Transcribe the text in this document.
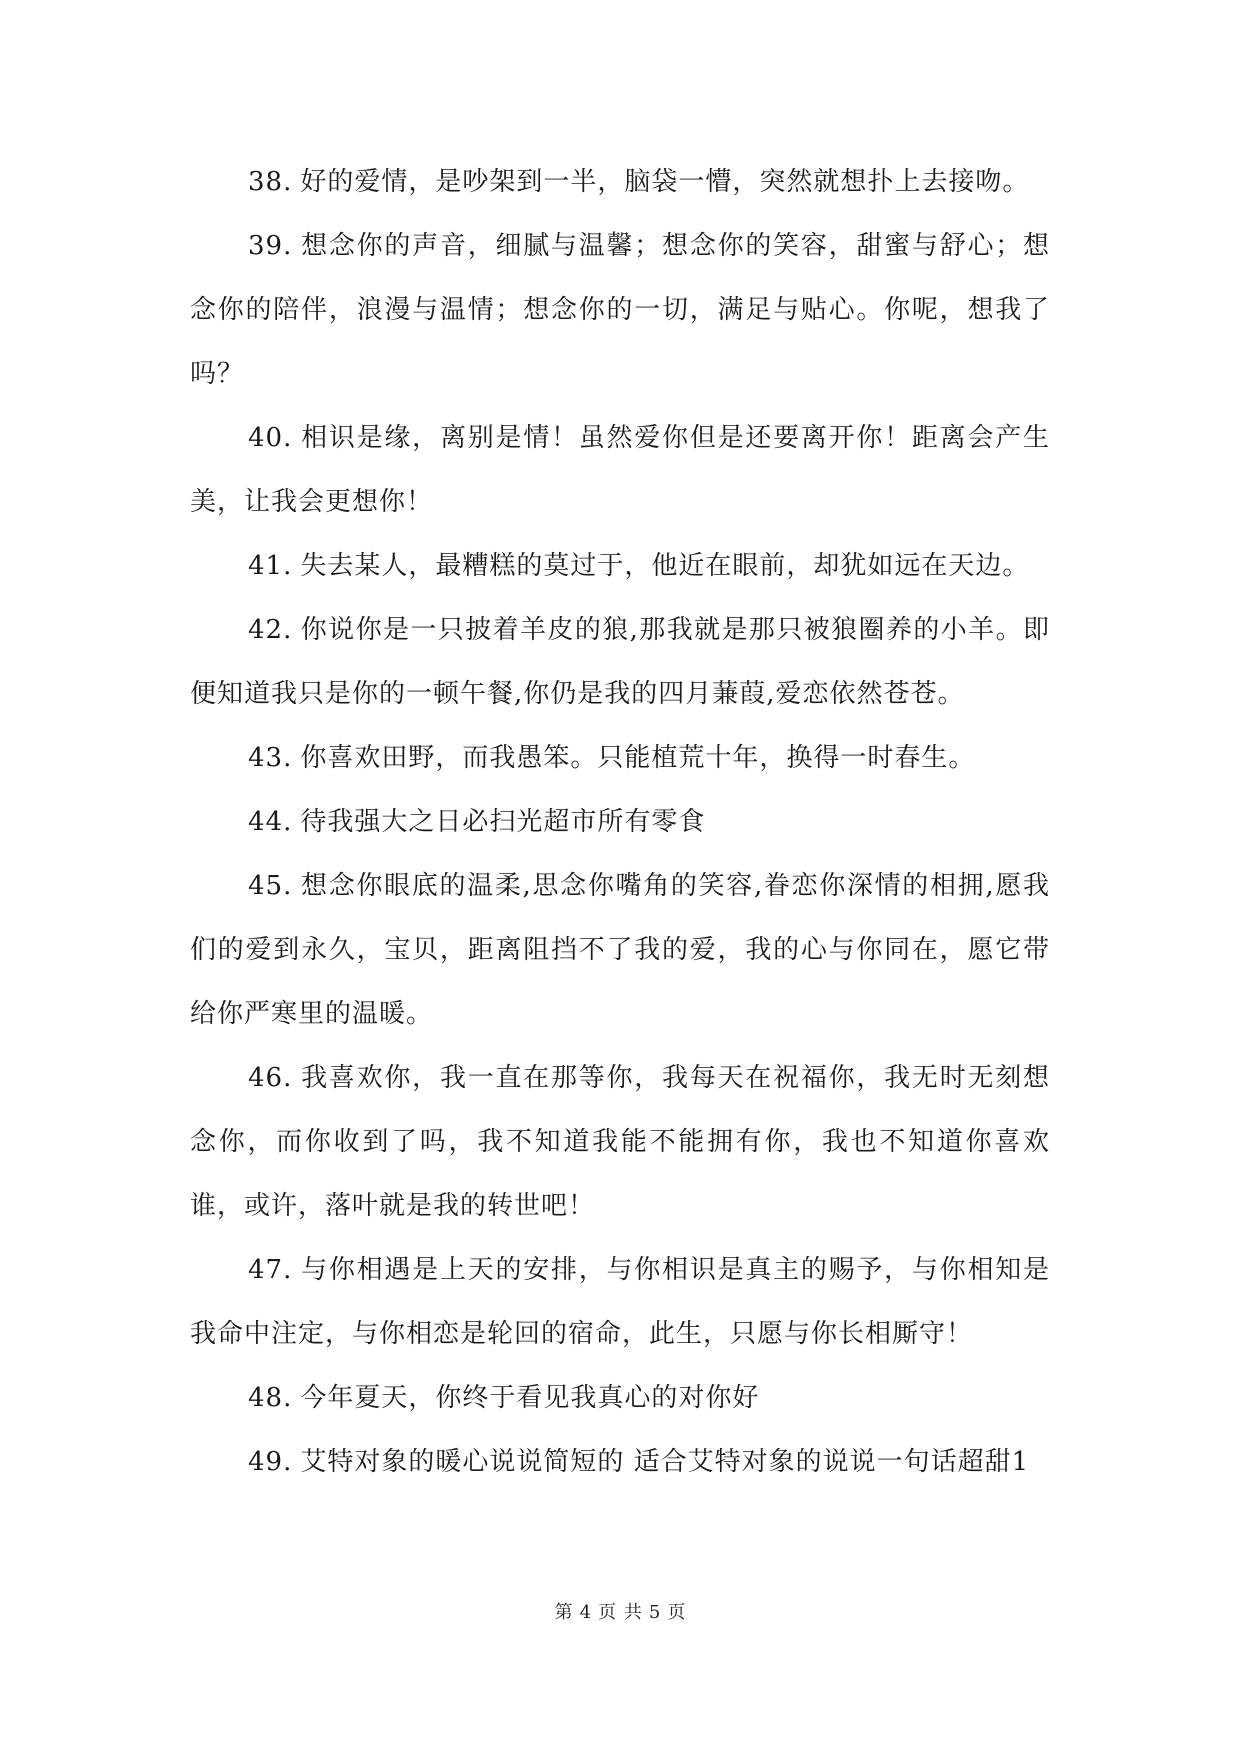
38. 好的爱情，是吵架到一半，脑袋一懵，突然就想扑上去接吻。

39. 想念你的声音，细腻与温馨；想念你的笑容，甜蜜与舒心；想念你的陪伴，浪漫与温情；想念你的一切，满足与贴心。你呢，想我了吗？

40. 相识是缘，离别是情！虽然爱你但是还要离开你！距离会产生美，让我会更想你！

41. 失去某人，最糟糕的莫过于，他近在眼前，却犹如远在天边。

42. 你说你是一只披着羊皮的狼,那我就是那只被狼圈养的小羊。即便知道我只是你的一顿午餐,你仍是我的四月蒹葭,爱恋依然苍苍。

43. 你喜欢田野，而我愚笨。只能植荒十年，换得一时春生。

44. 待我强大之日必扫光超市所有零食

45. 想念你眼底的温柔,思念你嘴角的笑容,眷恋你深情的相拥,愿我们的爱到永久，宝贝，距离阻挡不了我的爱，我的心与你同在，愿它带给你严寒里的温暖。

46. 我喜欢你，我一直在那等你，我每天在祝福你，我无时无刻想念你，而你收到了吗，我不知道我能不能拥有你，我也不知道你喜欢谁，或许，落叶就是我的转世吧！

47. 与你相遇是上天的安排，与你相识是真主的赐予，与你相知是我命中注定，与你相恋是轮回的宿命，此生，只愿与你长相厮守！

48. 今年夏天，你终于看见我真心的对你好

49. 艾特对象的暖心说说简短的 适合艾特对象的说说一句话超甜1

第 4 页 共 5 页
